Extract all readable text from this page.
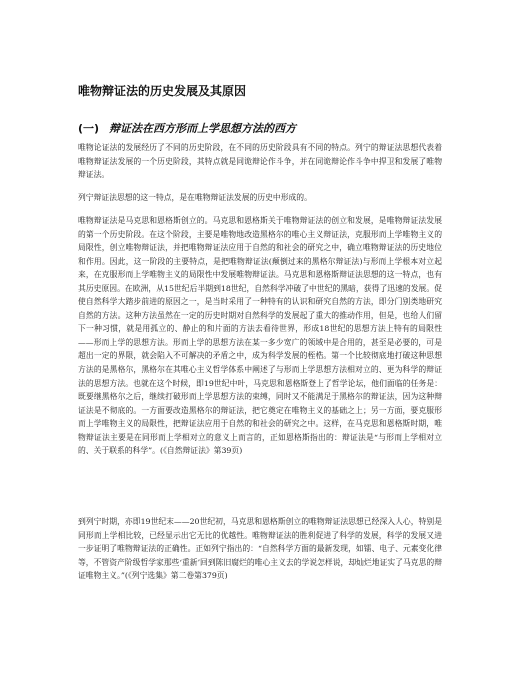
唯物辩证法的历史发展及其原因
(一) 辩证法在西方形而上学思想方法的西方
唯物论证法的发展经历了不同的历史阶段，在不同的历史阶段具有不同的特点。列宁的辩证法思想代表着唯物辩证法发展的一个历史阶段，其特点就是同诡辩论作斗争，并在同诡辩论作斗争中捍卫和发展了唯物辩证法。
列宁辩证法思想的这一特点，是在唯物辩证法发展的历史中形成的。
唯物辩证法是马克思和恩格斯创立的。马克思和恩格斯关于唯物辩证法的创立和发展，是唯物辩证法发展的第一个历史阶段。在这个阶段，主要是唯物地改造黑格尔的唯心主义辩证法，克服形而上学唯物主义的局限性，创立唯物辩证法，并把唯物辩证法应用于自然的和社会的研究之中，确立唯物辩证法的历史地位和作用。因此，这一阶段的主要特点，是把唯物辩证法(颠倒过来的黑格尔辩证法)与形而上学根本对立起来，在克服形而上学唯物主义的局限性中发展唯物辩证法。马克思和恩格斯辩证法思想的这一特点，也有其历史原因。在欧洲，从15世纪后半期到18世纪，自然科学冲破了中世纪的黑暗，获得了迅速的发展。促使自然科学大踏步前进的原因之一，是当时采用了一种特有的认识和研究自然的方法，即分门别类地研究自然的方法。这种方法虽然在一定的历史时期对自然科学的发展起了重大的推动作用，但是，也给人们留下一种习惯，就是用孤立的、静止的和片面的方法去看待世界，形成18世纪的思想方法上特有的局限性——形而上学的思想方法。形而上学的思想方法在某一多少宽广的领域中是合用的，甚至是必要的，可是超出一定的界限，就会陷入不可解决的矛盾之中，成为科学发展的桎梏。第一个比较彻底地打破这种思想方法的是黑格尔，黑格尔在其唯心主义哲学体系中阐述了与形而上学思想方法相对立的、更为科学的辩证法的思想方法。也就在这个时候，即19世纪中叶，马克思和恩格斯登上了哲学论坛，他们面临的任务是：既要继黑格尔之后，继续打破形而上学思想方法的束缚，同时又不能满足于黑格尔的辩证法，因为这种辩证法是不彻底的。一方面要改造黑格尔的辩证法，把它奠定在唯物主义的基础之上；另一方面，要克服形而上学唯物主义的局限性，把辩证法应用于自然的和社会的研究之中。这样，在马克思和恩格斯时期，唯物辩证法主要是在同形而上学相对立的意义上而言的，正如恩格斯指出的：辩证法是“与形而上学相对立的、关于联系的科学”。(《自然辩证法》第39页)
到列宁时期，亦即19世纪末——20世纪初，马克思和恩格斯创立的唯物辩证法思想已经深入人心，特别是同形而上学相比较，已经显示出它无比的优越性。唯物辩证法的胜利促进了科学的发展，科学的发展又进一步证明了唯物辩证法的正确性。正如列宁指出的：“自然科学方面的最新发现，如镭、电子、元素变化律等，不管资产阶级哲学家那些‘重新’回到陈旧腐烂的唯心主义去的学说怎样说，却灿烂地证实了马克思的辩证唯物主义。”(《列宁选集》第二卷第379页)
